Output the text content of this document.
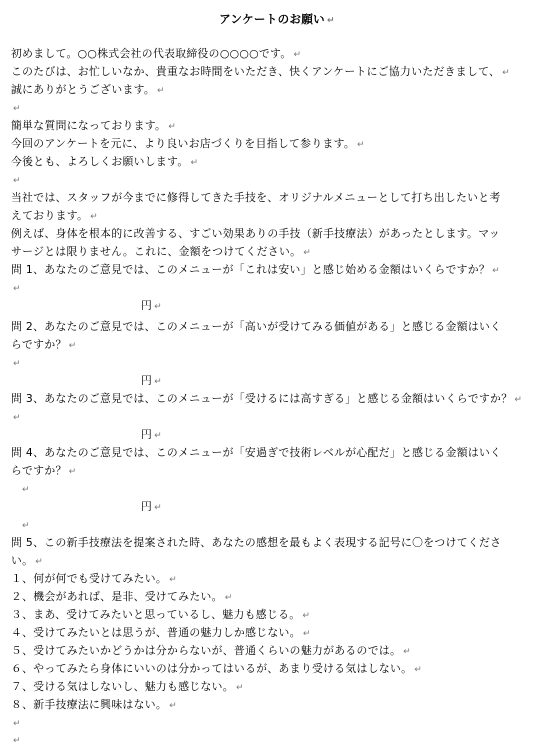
アンケートのお願い ↵
初めまして。○○株式会社の代表取締役の○○○○です。 ↵
このたびは、お忙しいなか、貴重なお時間をいただき、快くアンケートにご協力いただきまして、 ↵
誠にありがとうございます。 ↵
↵
簡単な質問になっております。 ↵
今回のアンケートを元に、より良いお店づくりを目指して参ります。 ↵
今後とも、よろしくお願いします。 ↵
↵
当社では、スタッフが今までに修得してきた手技を、オリジナルメニューとして打ち出したいと考
えております。 ↵
例えば、身体を根本的に改善する、すごい効果ありの手技（新手技療法）があったとします。マッ
サージとは限りません。これに、金額をつけてください。 ↵
問 1、あなたのご意見では、このメニューが「これは安い」と感じ始める金額はいくらですか？ ↵
↵
円 ↵
問 2、あなたのご意見では、このメニューが「高いが受けてみる価値がある」と感じる金額はいく
らですか？ ↵
↵
円 ↵
問 3、あなたのご意見では、このメニューが「受けるには高すぎる」と感じる金額はいくらですか？ ↵
↵
円 ↵
問 4、あなたのご意見では、このメニューが「安過ぎで技術レベルが心配だ」と感じる金額はいく
らですか？ ↵
↵
円 ↵
↵
問 5、この新手技療法を提案された時、あなたの感想を最もよく表現する記号に〇をつけてくださ
い。 ↵
１、何が何でも受けてみたい。 ↵
２、機会があれば、是非、受けてみたい。 ↵
３、まあ、受けてみたいと思っているし、魅力も感じる。 ↵
４、受けてみたいとは思うが、普通の魅力しか感じない。 ↵
５、受けてみたいかどうかは分からないが、普通くらいの魅力があるのでは。 ↵
６、やってみたら身体にいいのは分かってはいるが、あまり受ける気はしない。 ↵
７、受ける気はしないし、魅力も感じない。 ↵
８、新手技療法に興味はない。 ↵
↵
↵
